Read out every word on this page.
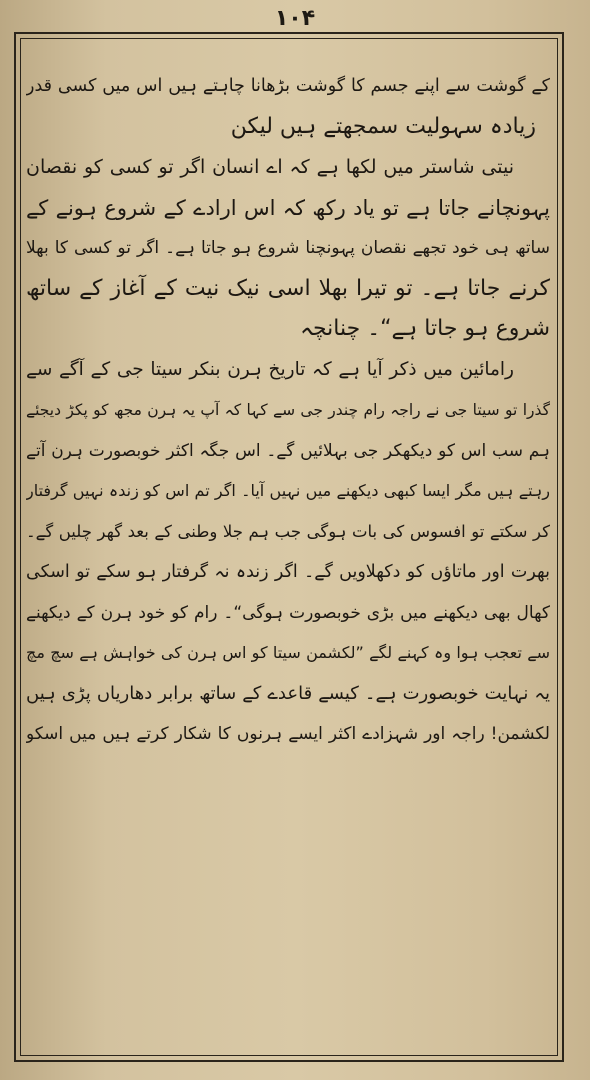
۱۰۴
کے گوشت سے اپنے جسم کا گوشت بڑھانا چاہتے ہیں اس میں کسی قدر
زیادہ سہولیت سمجھتے ہیں لیکن
نیتی شاستر میں لکھا ہے کہ اے انسان اگر تو کسی کو نقصان
پہونچانے جاتا ہے تو یاد رکھ کہ اس ارادے کے شروع ہونے کے
ساتھ ہی خود تجھے نقصان پہونچنا شروع ہو جاتا ہے۔ اگر تو کسی کا بھلا
کرنے جاتا ہے۔ تو تیرا بھلا اسی نیک نیت کے آغاز کے ساتھ
شروع ہو جاتا ہے“۔ چنانچہ
رامائین میں ذکر آیا ہے کہ تاریخ ہرن بنکر سیتا جی کے آگے سے
گذرا تو سیتا جی نے راجہ رام چندر جی سے کہا کہ آپ یہ ہرن مجھ کو پکڑ دیجئے
ہم سب اس کو دیکھکر جی بہلائیں گے۔ اس جگہ اکثر خوبصورت ہرن آتے
رہتے ہیں مگر ایسا کبھی دیکھنے میں نہیں آیا۔ اگر تم اس کو زندہ نہیں گرفتار
کر سکتے تو افسوس کی بات ہوگی جب ہم جلا وطنی کے بعد گھر چلیں گے۔
بھرت اور ماتاؤں کو دکھلاویں گے۔ اگر زندہ نہ گرفتار ہو سکے تو اسکی
کھال بھی دیکھنے میں بڑی خوبصورت ہوگی“۔ رام کو خود ہرن کے دیکھنے
سے تعجب ہوا وہ کہنے لگے ”لکشمن سیتا کو اس ہرن کی خواہش ہے سچ مچ
یہ نہایت خوبصورت ہے۔ کیسے قاعدے کے ساتھ برابر دھاریاں پڑی ہیں
لکشمن! راجہ اور شہزادے اکثر ایسے ہرنوں کا شکار کرتے ہیں میں اسکو
